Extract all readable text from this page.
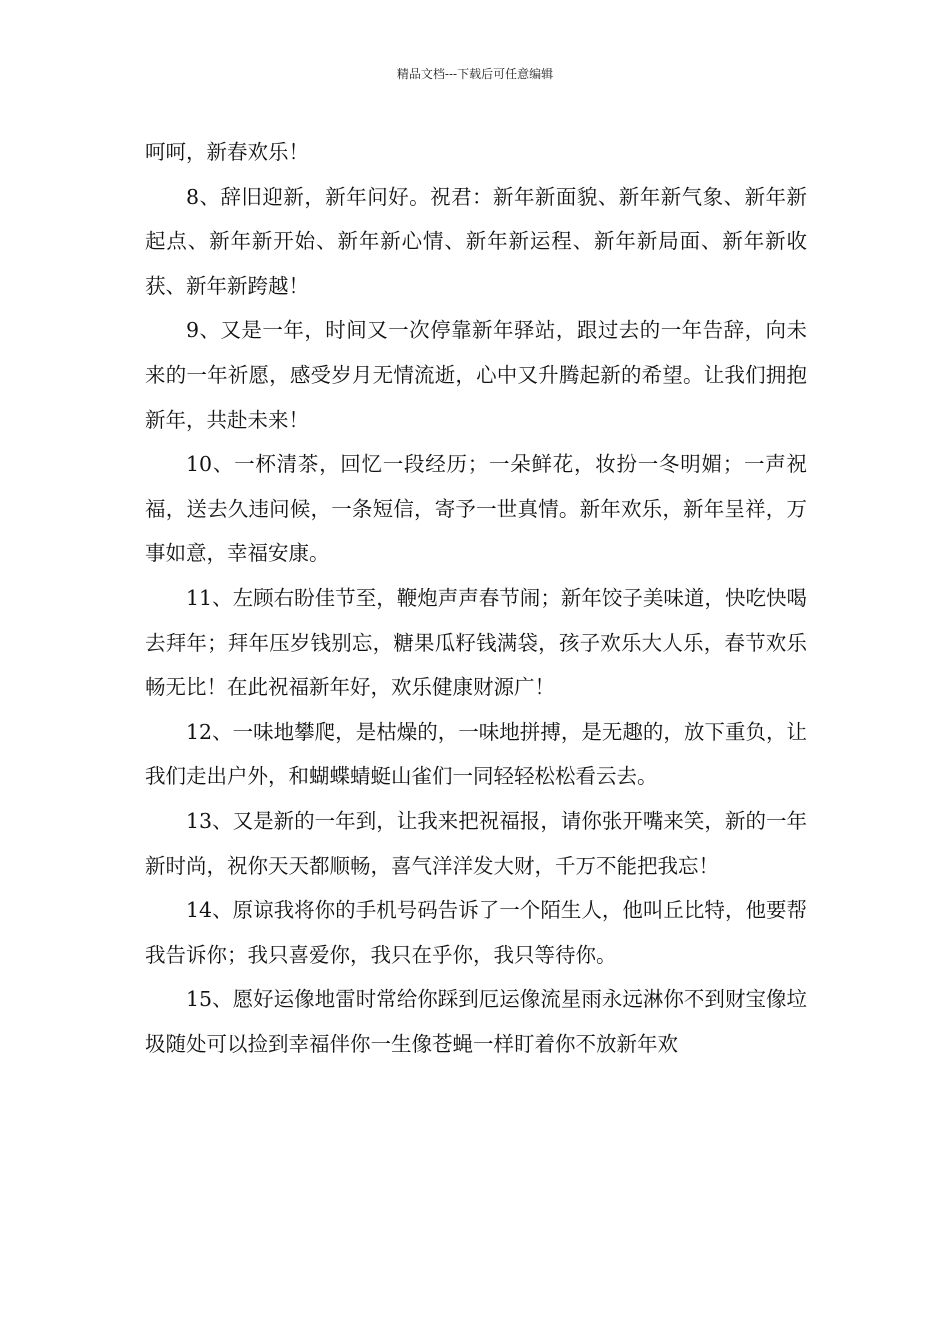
精品文档---下载后可任意编辑

呵呵，新春欢乐！

8、辞旧迎新，新年问好。祝君：新年新面貌、新年新气象、新年新起点、新年新开始、新年新心情、新年新运程、新年新局面、新年新收获、新年新跨越！

9、又是一年，时间又一次停靠新年驿站，跟过去的一年告辞，向未来的一年祈愿，感受岁月无情流逝，心中又升腾起新的希望。让我们拥抱新年，共赴未来！

10、一杯清茶，回忆一段经历；一朵鲜花，妆扮一冬明媚；一声祝福，送去久违问候，一条短信，寄予一世真情。新年欢乐，新年呈祥，万事如意，幸福安康。

11、左顾右盼佳节至，鞭炮声声春节闹；新年饺子美味道，快吃快喝去拜年；拜年压岁钱别忘，糖果瓜籽钱满袋，孩子欢乐大人乐，春节欢乐畅无比！在此祝福新年好，欢乐健康财源广！

12、一味地攀爬，是枯燥的，一味地拼搏，是无趣的，放下重负，让我们走出户外，和蝴蝶蜻蜓山雀们一同轻轻松松看云去。

13、又是新的一年到，让我来把祝福报，请你张开嘴来笑，新的一年新时尚，祝你天天都顺畅，喜气洋洋发大财，千万不能把我忘！

14、原谅我将你的手机号码告诉了一个陌生人，他叫丘比特，他要帮我告诉你；我只喜爱你，我只在乎你，我只等待你。

15、愿好运像地雷时常给你踩到厄运像流星雨永远淋你不到财宝像垃圾随处可以捡到幸福伴你一生像苍蝇一样盯着你不放新年欢
